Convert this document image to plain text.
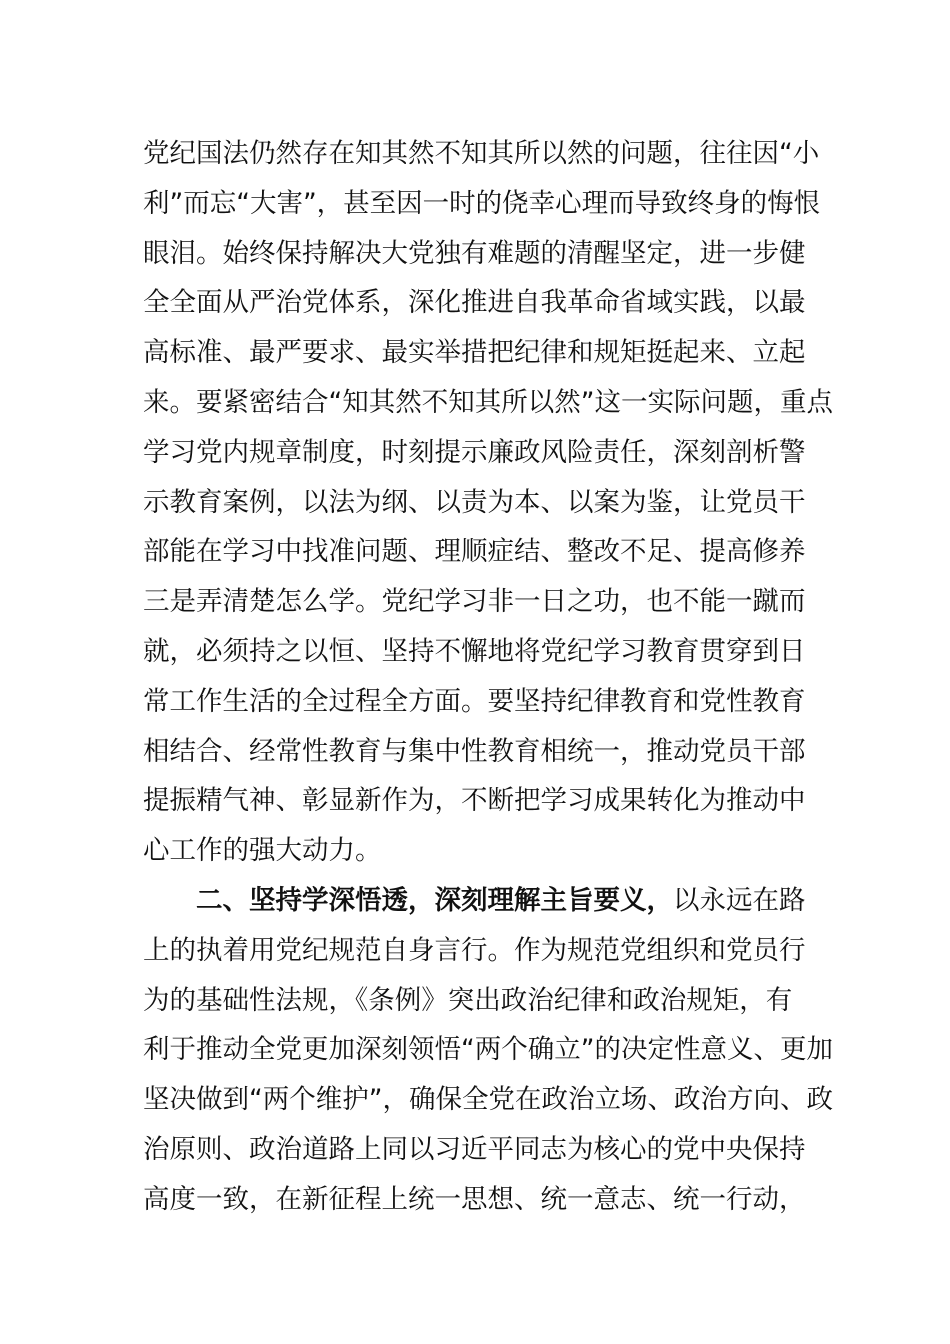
党纪国法仍然存在知其然不知其所以然的问题，往往因“小
利”而忘“大害”，甚至因一时的侥幸心理而导致终身的悔恨
眼泪。始终保持解决大党独有难题的清醒坚定，进一步健
全全面从严治党体系，深化推进自我革命省域实践，以最
高标准、最严要求、最实举措把纪律和规矩挺起来、立起
来。要紧密结合“知其然不知其所以然”这一实际问题，重点
学习党内规章制度，时刻提示廉政风险责任，深刻剖析警
示教育案例，以法为纲、以责为本、以案为鉴，让党员干
部能在学习中找准问题、理顺症结、整改不足、提高修养
三是弄清楚怎么学。党纪学习非一日之功，也不能一蹴而
就，必须持之以恒、坚持不懈地将党纪学习教育贯穿到日
常工作生活的全过程全方面。要坚持纪律教育和党性教育
相结合、经常性教育与集中性教育相统一，推动党员干部
提振精气神、彰显新作为，不断把学习成果转化为推动中
心工作的强大动力。
二、坚持学深悟透，深刻理解主旨要义，以永远在路
上的执着用党纪规范自身言行。作为规范党组织和党员行
为的基础性法规，《条例》突出政治纪律和政治规矩，有
利于推动全党更加深刻领悟“两个确立”的决定性意义、更加
坚决做到“两个维护”，确保全党在政治立场、政治方向、政
治原则、政治道路上同以习近平同志为核心的党中央保持
高度一致，在新征程上统一思想、统一意志、统一行动，
